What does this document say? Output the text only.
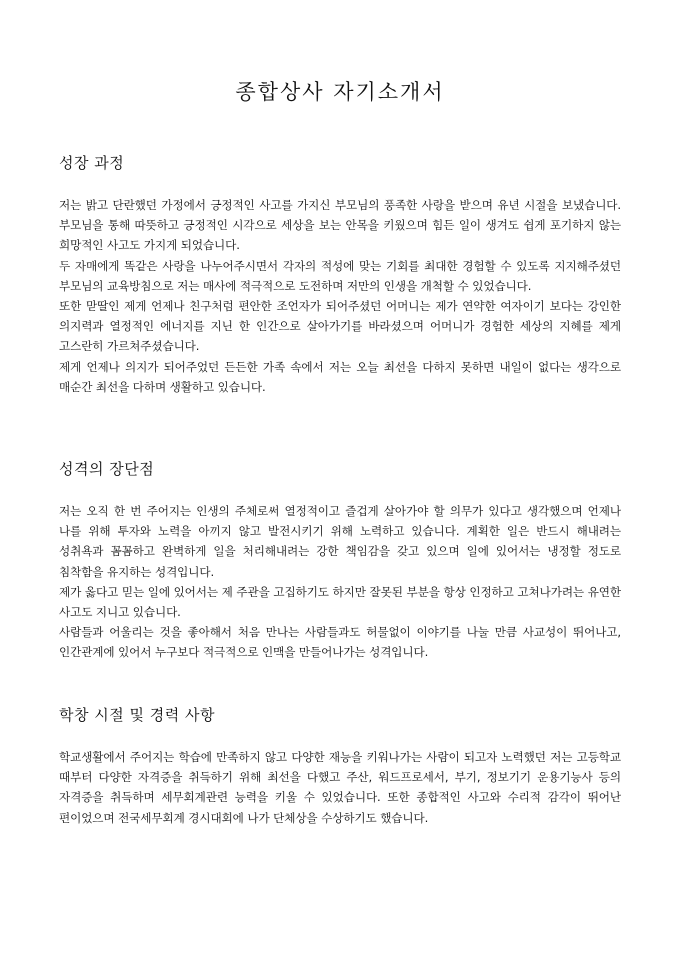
종합상사 자기소개서
성장 과정

저는 밝고 단란했던 가정에서 긍정적인 사고를 가지신 부모님의 풍족한 사랑을 받으며 유년 시절을 보냈습니다. 부모님을 통해 따뜻하고 긍정적인 시각으로 세상을 보는 안목을 키웠으며 힘든 일이 생겨도 쉽게 포기하지 않는 희망적인 사고도 가지게 되었습니다.

두 자매에게 똑같은 사랑을 나누어주시면서 각자의 적성에 맞는 기회를 최대한 경험할 수 있도록 지지해주셨던 부모님의 교육방침으로 저는 매사에 적극적으로 도전하며 저만의 인생을 개척할 수 있었습니다.

또한 맏딸인 제게 언제나 친구처럼 편안한 조언자가 되어주셨던 어머니는 제가 연약한 여자이기 보다는 강인한 의지력과 열정적인 에너지를 지닌 한 인간으로 살아가기를 바라셨으며 어머니가 경험한 세상의 지혜를 제게 고스란히 가르쳐주셨습니다.

제게 언제나 의지가 되어주었던 든든한 가족 속에서 저는 오늘 최선을 다하지 못하면 내일이 없다는 생각으로 매순간 최선을 다하며 생활하고 있습니다.

성격의 장단점

저는 오직 한 번 주어지는 인생의 주체로써 열정적이고 즐겁게 살아가야 할 의무가 있다고 생각했으며 언제나 나를 위해 투자와 노력을 아끼지 않고 발전시키기 위해 노력하고 있습니다. 계획한 일은 반드시 해내려는 성취욕과 꼼꼼하고 완벽하게 일을 처리해내려는 강한 책임감을 갖고 있으며 일에 있어서는 냉정할 정도로 침착함을 유지하는 성격입니다.

제가 옳다고 믿는 일에 있어서는 제 주관을 고집하기도 하지만 잘못된 부분을 항상 인정하고 고쳐나가려는 유연한 사고도 지니고 있습니다.

사람들과 어울리는 것을 좋아해서 처음 만나는 사람들과도 허물없이 이야기를 나눌 만큼 사교성이 뛰어나고, 인간관계에 있어서 누구보다 적극적으로 인맥을 만들어나가는 성격입니다.

학창 시절 및 경력 사항

학교생활에서 주어지는 학습에 만족하지 않고 다양한 재능을 키워나가는 사람이 되고자 노력했던 저는 고등학교 때부터 다양한 자격증을 취득하기 위해 최선을 다했고 주산, 워드프로세서, 부기, 정보기기 운용기능사 등의 자격증을 취득하며 세무회계관련 능력을 키울 수 있었습니다. 또한 종합적인 사고와 수리적 감각이 뛰어난 편이었으며 전국세무회계 경시대회에 나가 단체상을 수상하기도 했습니다.
